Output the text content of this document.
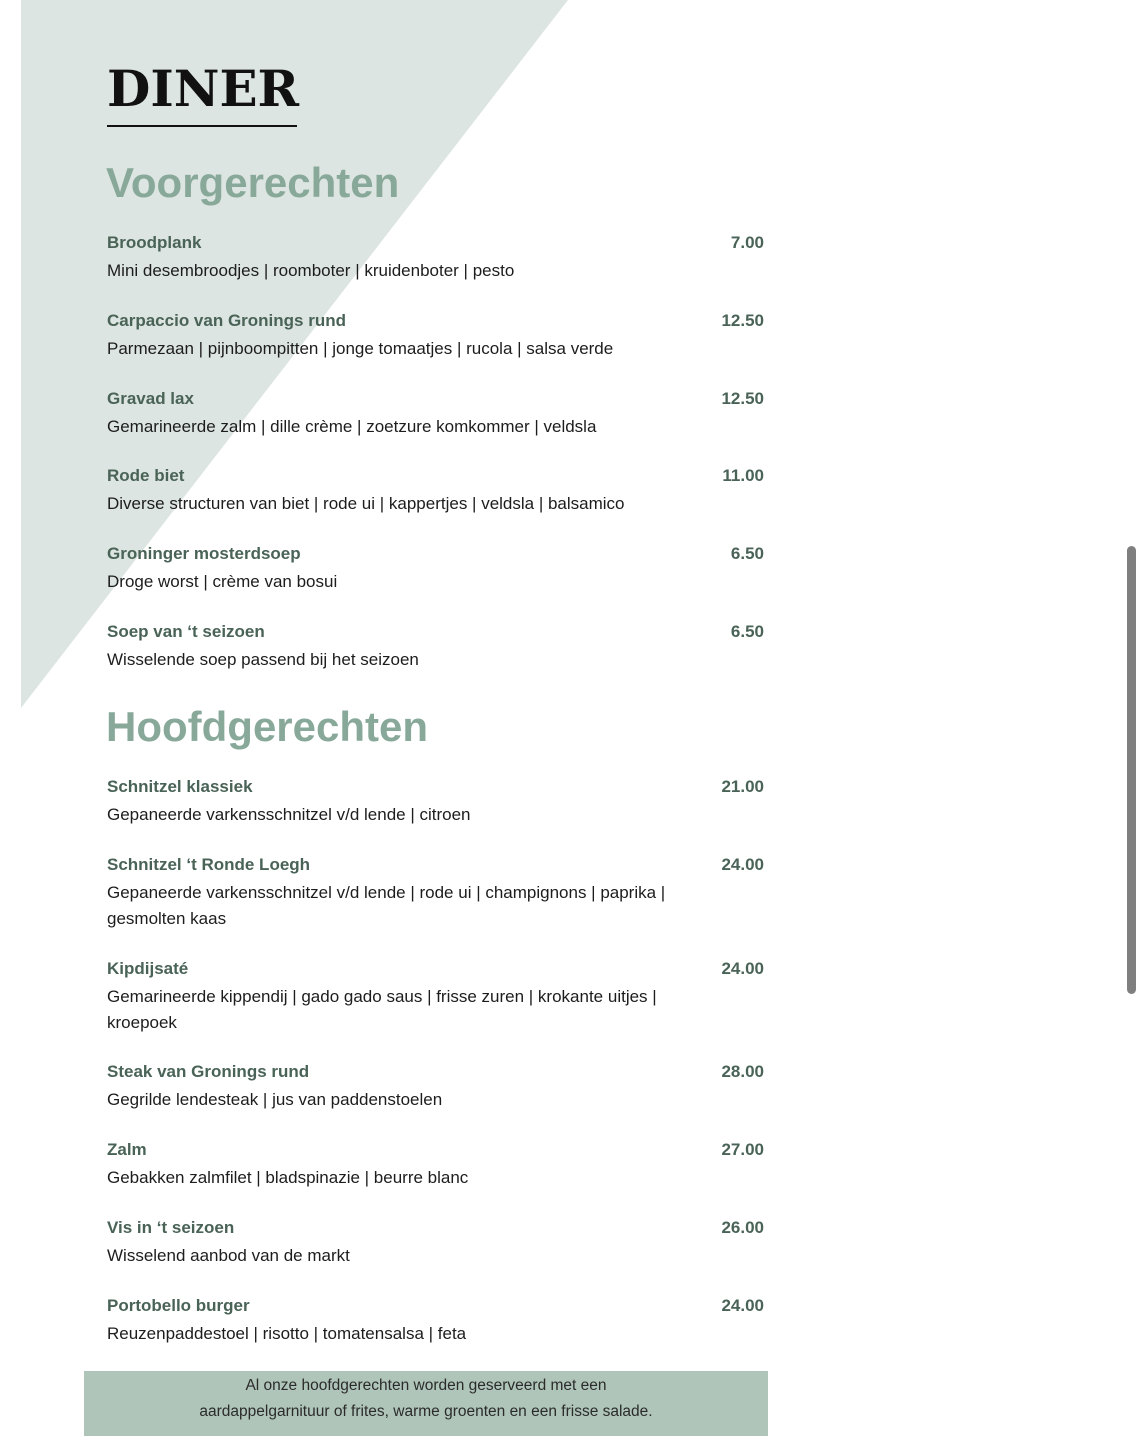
DINER
Voorgerechten
Broodplank	7.00
Mini desembroodjes | roomboter | kruidenboter | pesto
Carpaccio van Gronings rund	12.50
Parmezaan | pijnboompitten | jonge tomaatjes | rucola | salsa verde
Gravad lax	12.50
Gemarineerde zalm | dille crème | zoetzure komkommer | veldsla
Rode biet	11.00
Diverse structuren van biet | rode ui | kappertjes | veldsla | balsamico
Groninger mosterdsoep	6.50
Droge worst | crème van bosui
Soep van ‘t seizoen	6.50
Wisselende soep passend bij het seizoen
Hoofdgerechten
Schnitzel klassiek	21.00
Gepaneerde varkensschnitzel v/d lende | citroen
Schnitzel ‘t Ronde Loegh	24.00
Gepaneerde varkensschnitzel v/d lende | rode ui | champignons | paprika | gesmolten kaas
Kipdijsaté	24.00
Gemarineerde kippendij | gado gado saus | frisse zuren | krokante uitjes | kroepoek
Steak van Gronings rund	28.00
Gegrilde lendesteak | jus van paddenstoelen
Zalm	27.00
Gebakken zalmfilet | bladspinazie | beurre blanc
Vis in ‘t seizoen	26.00
Wisselend aanbod van de markt
Portobello burger	24.00
Reuzenpaddestoel | risotto | tomatensalsa | feta
Al onze hoofdgerechten worden geserveerd met een
aardappelgarnituur of frites, warme groenten en een frisse salade.
